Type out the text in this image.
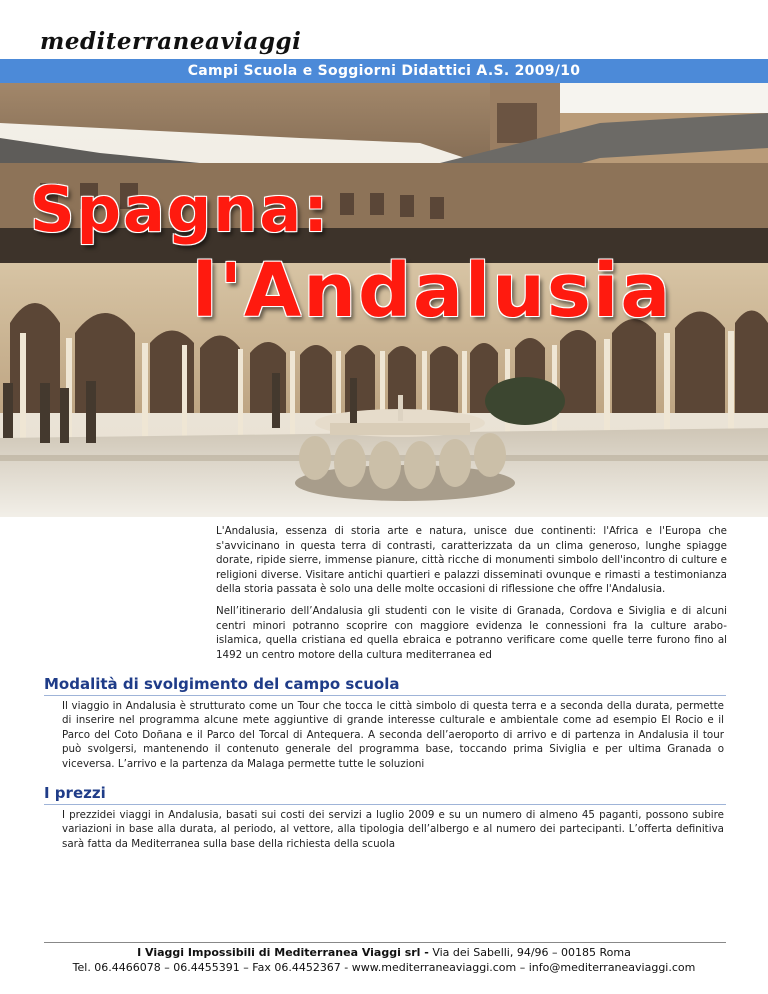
mediterraneaviaggi
Campi Scuola e Soggiorni Didattici A.S. 2009/10
Spagna:
l'Andalusia

L'Andalusia, essenza di storia arte e natura, unisce due continenti: l'Africa e l'Europa che s'avvicinano in questa terra di contrasti, caratterizzata da un clima generoso, lunghe spiagge dorate, ripide sierre, immense pianure, città ricche di monumenti simbolo dell'incontro di culture e religioni diverse. Visitare antichi quartieri e palazzi disseminati ovunque e rimasti a testimonianza della storia passata è solo una delle molte occasioni di riflessione che offre l'Andalusia.

Nell’itinerario dell’Andalusia gli studenti con le visite di Granada, Cordova e Siviglia e di alcuni centri minori potranno scoprire con maggiore evidenza le connessioni fra la culture arabo-islamica, quella cristiana ed quella ebraica e potranno verificare come quelle terre furono fino al 1492 un centro motore della cultura mediterranea ed

Modalità di svolgimento del campo scuola
Il viaggio in Andalusia è strutturato come un Tour che tocca le città simbolo di questa terra e a seconda della durata, permette di inserire nel programma alcune mete aggiuntive di grande interesse culturale e ambientale come ad esempio El Rocio e il Parco del Coto Doñana e il Parco del Torcal di Antequera. A seconda dell’aeroporto di arrivo e di partenza in Andalusia il tour può svolgersi, mantenendo il contenuto generale del programma base, toccando prima Siviglia e per ultima Granada o viceversa. L’arrivo e la partenza da Malaga permette tutte le soluzioni
I prezzi
I prezzidei viaggi in Andalusia, basati sui costi dei servizi a luglio 2009 e su un numero di almeno 45 paganti, possono subire variazioni in base alla durata, al periodo, al vettore, alla tipologia dell’albergo e al numero dei partecipanti. L’offerta definitiva sarà fatta da Mediterranea sulla base della richiesta della scuola
I Viaggi Impossibili di Mediterranea Viaggi srl - Via dei Sabelli, 94/96 – 00185 Roma
Tel. 06.4466078 – 06.4455391 – Fax 06.4452367 - www.mediterraneaviaggi.com – info@mediterraneaviaggi.com
